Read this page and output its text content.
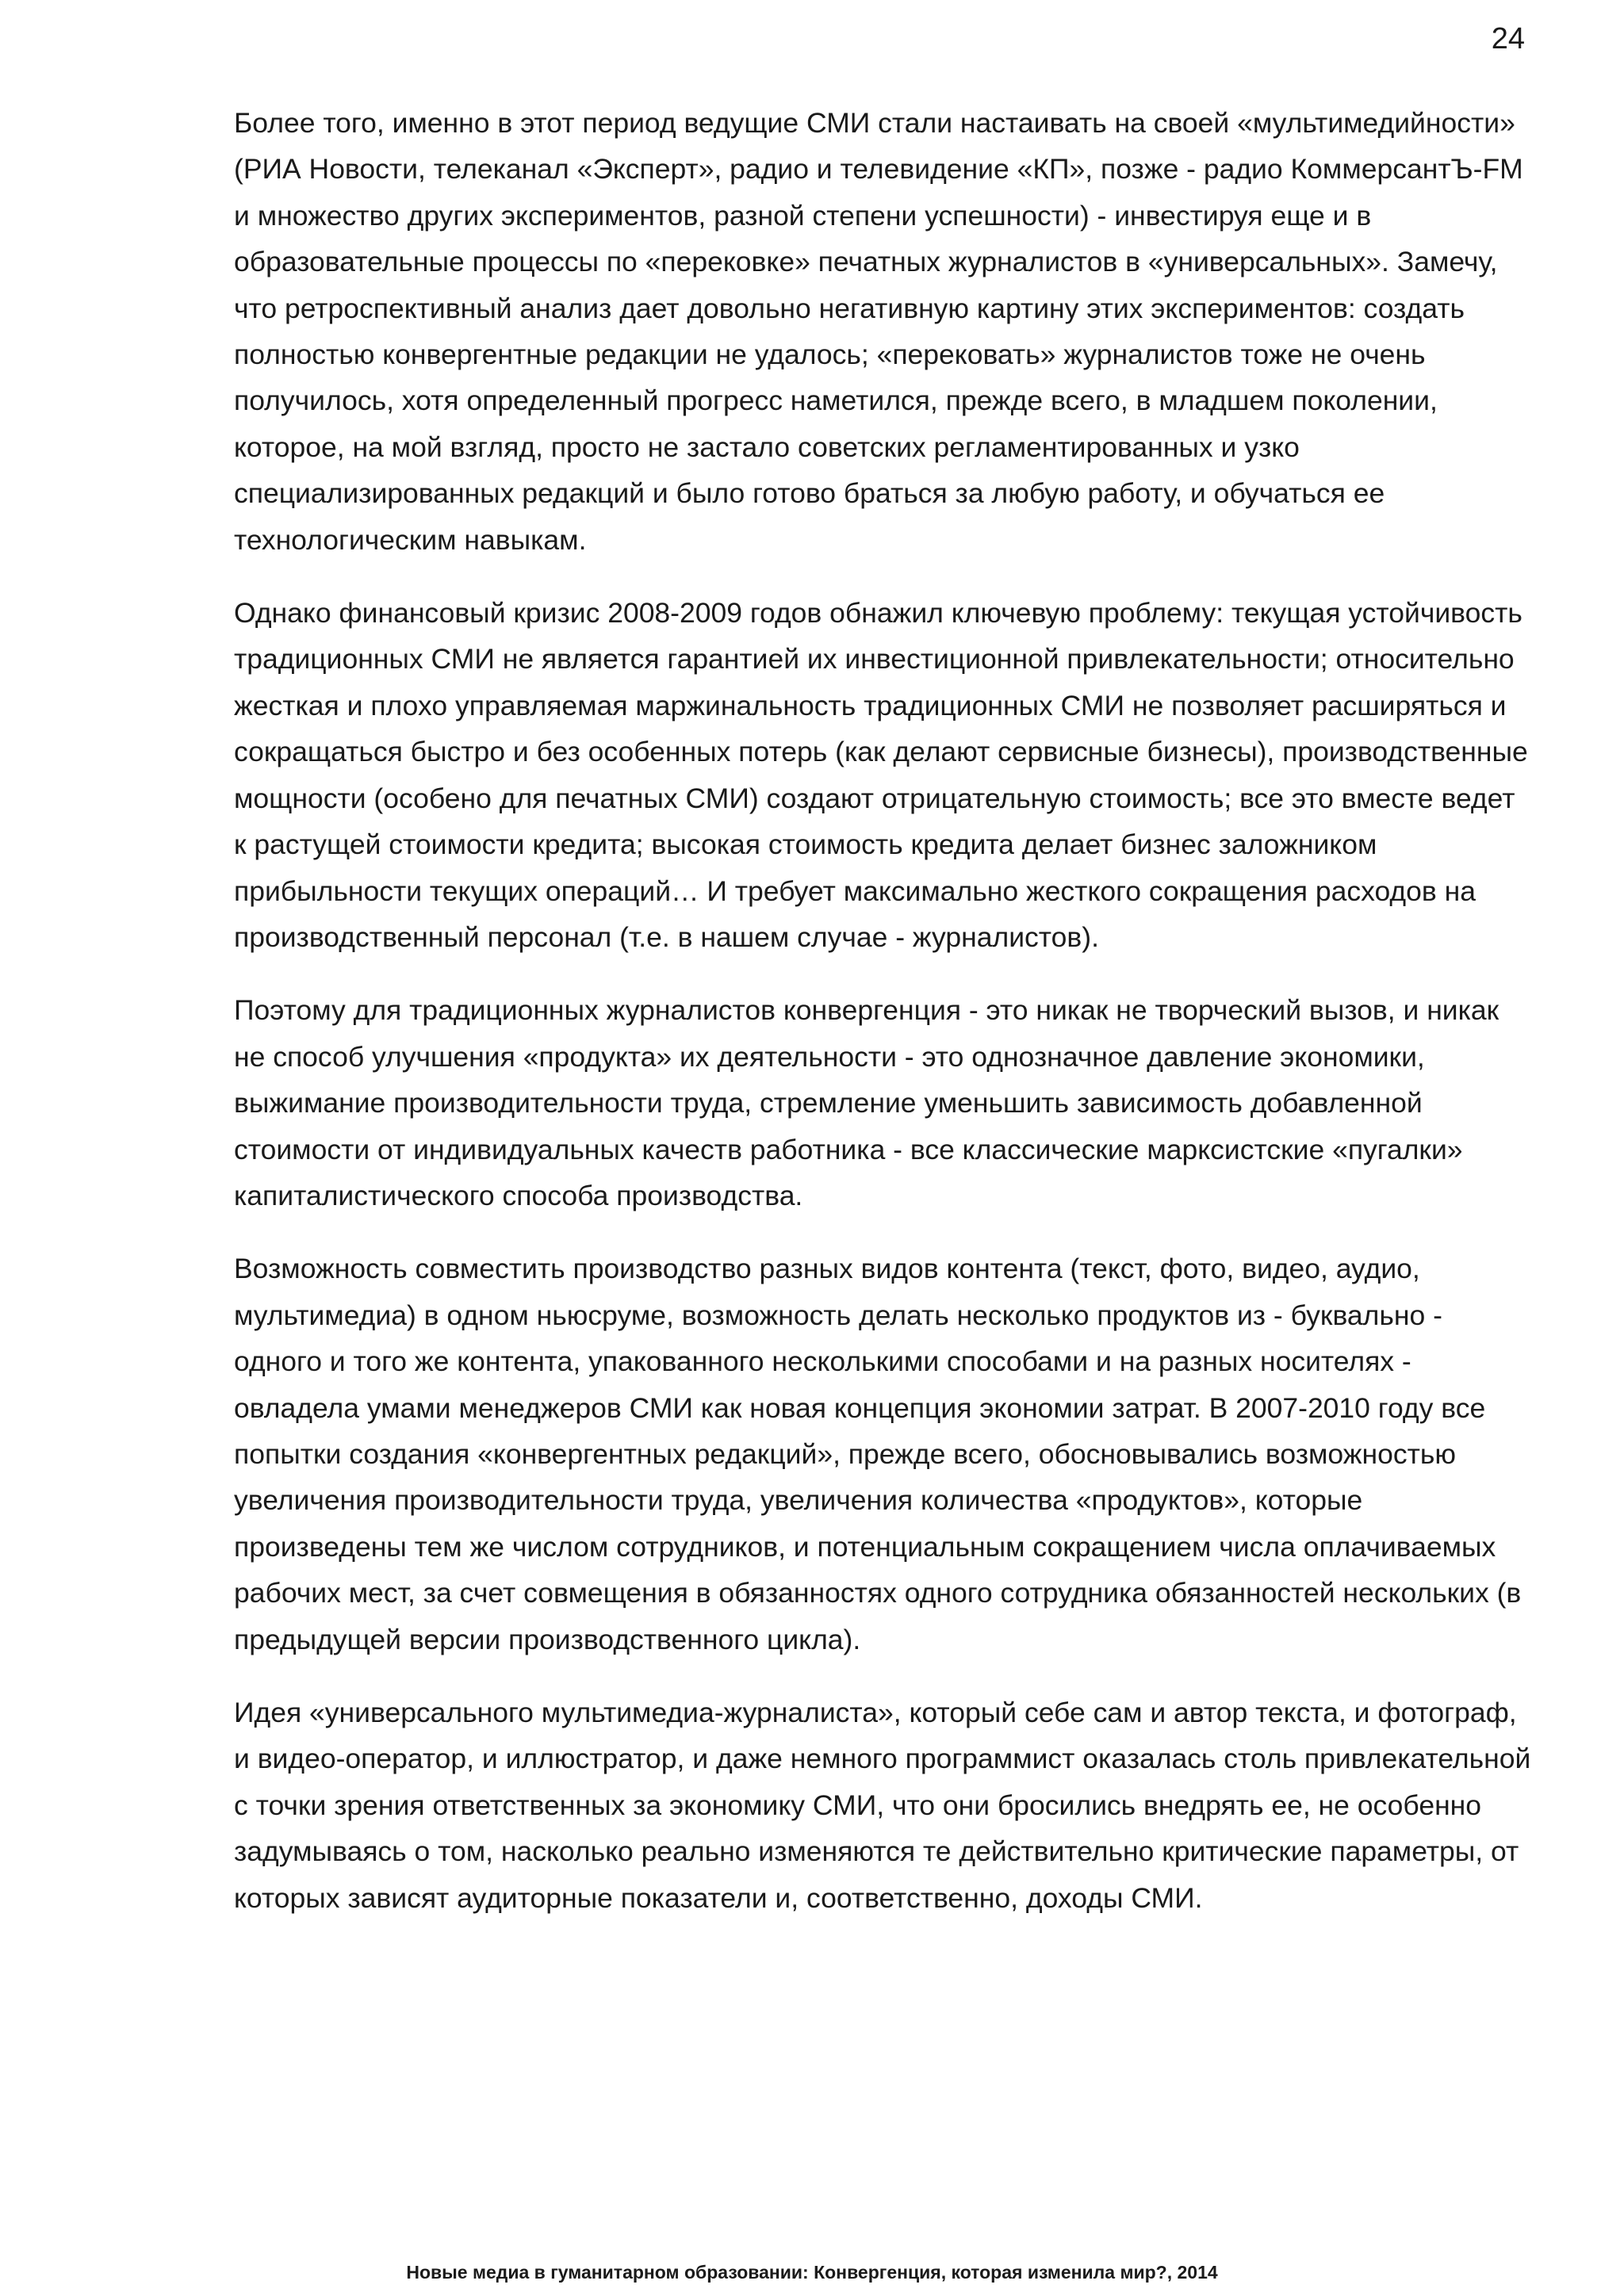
24

Более того, именно в этот период ведущие СМИ стали настаивать на своей «мультимедийности» (РИА Новости, телеканал «Эксперт», радио и телевидение «КП», позже - радио КоммерсантЪ-FM и множество других экспериментов, разной степени успешности) - инвестируя еще и в образовательные процессы по «перековке» печатных журналистов в «универсальных». Замечу, что ретроспективный анализ дает довольно негативную картину этих экспериментов: создать полностью конвергентные редакции не удалось; «перековать» журналистов тоже не очень получилось, хотя определенный прогресс наметился, прежде всего, в младшем поколении, которое, на мой взгляд, просто не застало советских регламентированных и узко специализированных редакций и было готово браться за любую работу, и обучаться ее технологическим навыкам.

Однако финансовый кризис 2008-2009 годов обнажил ключевую проблему: текущая устойчивость традиционных СМИ не является гарантией их инвестиционной привлекательности; относительно жесткая и плохо управляемая маржинальность традиционных СМИ не позволяет расширяться и сокращаться быстро и без особенных потерь (как делают сервисные бизнесы), производственные мощности (особено для печатных СМИ) создают отрицательную стоимость; все это вместе ведет к растущей стоимости кредита; высокая стоимость кредита делает бизнес заложником прибыльности текущих операций… И требует максимально жесткого сокращения расходов на производственный персонал (т.е. в нашем случае - журналистов).

Поэтому для традиционных журналистов конвергенция - это никак не творческий вызов, и никак не способ улучшения «продукта» их деятельности - это однозначное давление экономики, выжимание производительности труда, стремление уменьшить зависимость добавленной стоимости от индивидуальных качеств работника - все классические марксистские «пугалки» капиталистического способа производства.

Возможность совместить производство разных видов контента (текст, фото, видео, аудио, мультимедиа) в одном ньюсруме, возможность делать несколько продуктов из - буквально - одного и того же контента, упакованного несколькими способами и на разных носителях - овладела умами менеджеров СМИ как новая концепция экономии затрат. В 2007-2010 году все попытки создания «конвергентных редакций», прежде всего, обосновывались возможностью увеличения производительности труда, увеличения количества «продуктов», которые произведены тем же числом сотрудников, и потенциальным сокращением числа оплачиваемых рабочих мест, за счет совмещения в обязанностях одного сотрудника обязанностей нескольких (в предыдущей версии производственного цикла).

Идея «универсального мультимедиа-журналиста», который себе сам и автор текста, и фотограф, и видео-оператор, и иллюстратор, и даже немного программист оказалась столь привлекательной с точки зрения ответственных за экономику СМИ, что они бросились внедрять ее, не особенно задумываясь о том, насколько реально изменяются те действительно критические параметры, от которых зависят аудиторные показатели и, соответственно, доходы СМИ.

Новые медиа в гуманитарном образовании: Конвергенция, которая изменила мир?, 2014
